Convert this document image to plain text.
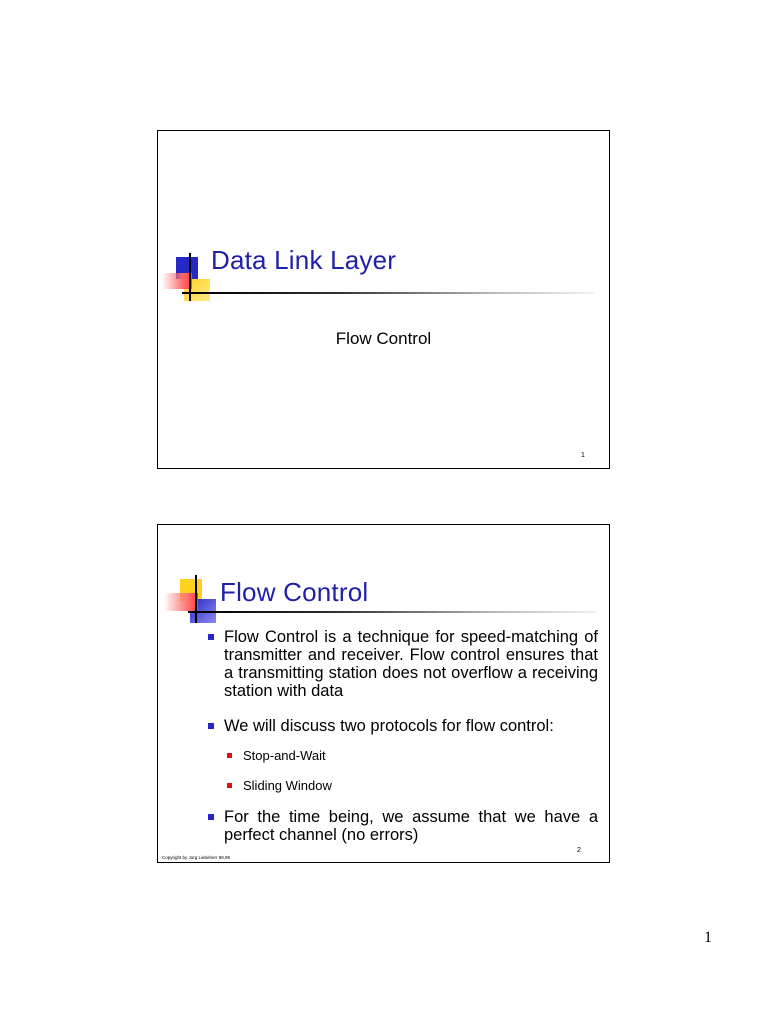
Data Link Layer
Flow Control
1
Flow Control
Flow Control is a technique for speed-matching of transmitter and receiver. Flow control ensures that a transmitting station does not overflow a receiving station with data
We will discuss two protocols for flow control:
Stop-and-Wait
Sliding Window
For the time being, we assume that we have a perfect channel (no errors)
2
Copyright by Jorg Liebeherr 98,99
1
